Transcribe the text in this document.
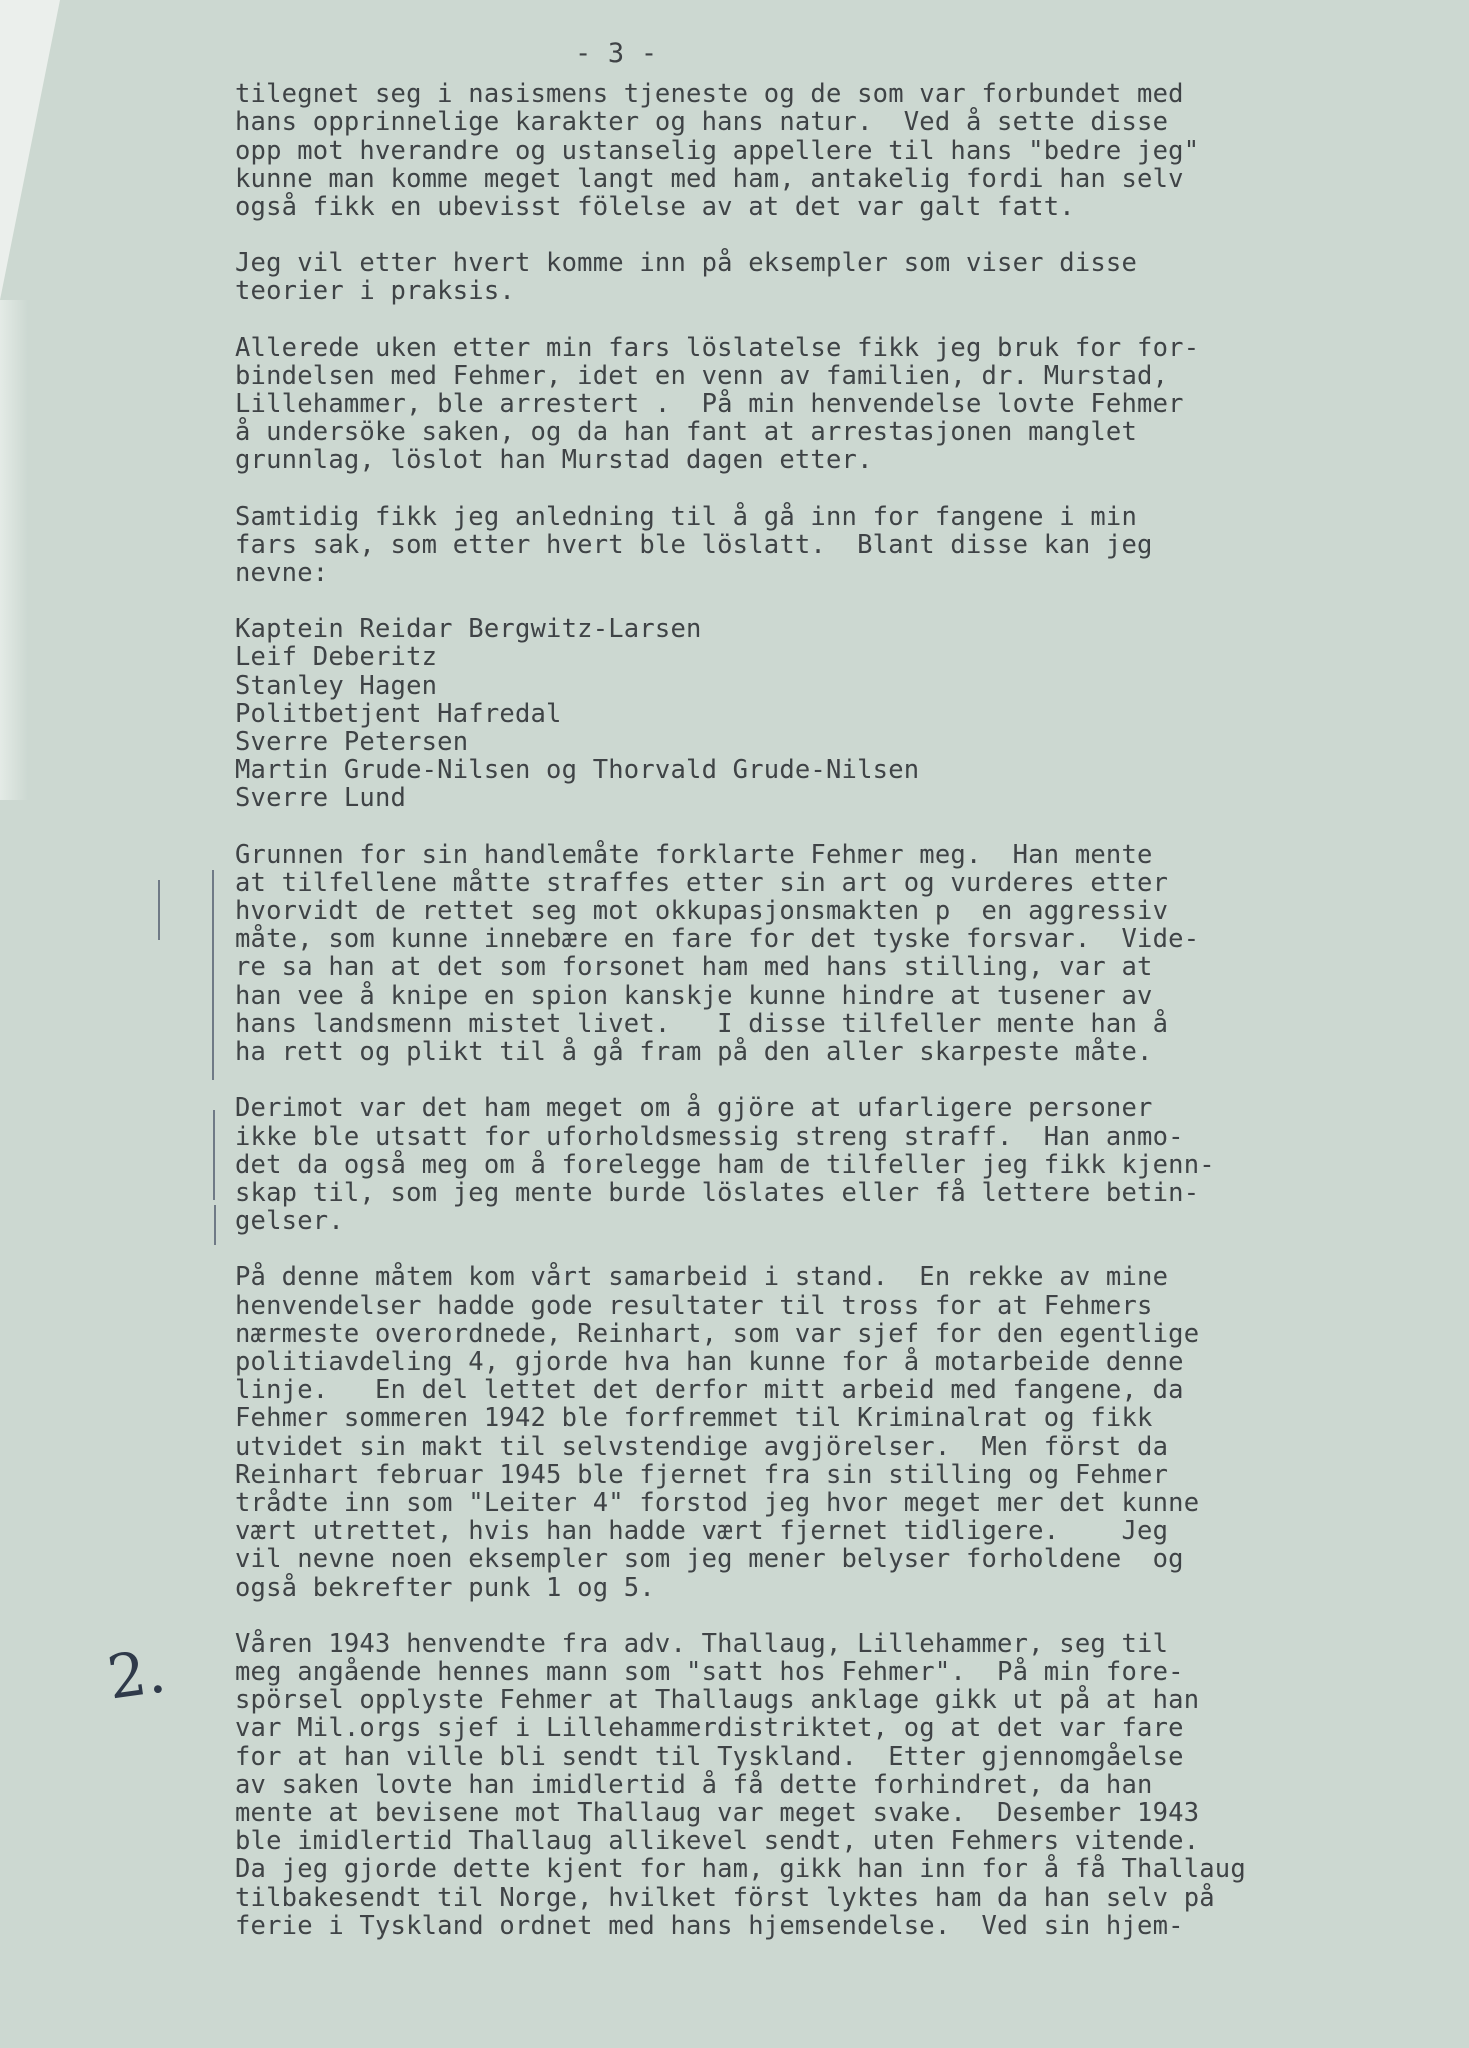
2.
- 3 -
tilegnet seg i nasismens tjeneste og de som var forbundet med
hans opprinnelige karakter og hans natur.  Ved å sette disse
opp mot hverandre og ustanselig appellere til hans "bedre jeg"
kunne man komme meget langt med ham, antakelig fordi han selv
også fikk en ubevisst fölelse av at det var galt fatt.
Jeg vil etter hvert komme inn på eksempler som viser disse
teorier i praksis.
Allerede uken etter min fars löslatelse fikk jeg bruk for for-
bindelsen med Fehmer, idet en venn av familien, dr. Murstad,
Lillehammer, ble arrestert .  På min henvendelse lovte Fehmer
å undersöke saken, og da han fant at arrestasjonen manglet
grunnlag, löslot han Murstad dagen etter.
Samtidig fikk jeg anledning til å gå inn for fangene i min
fars sak, som etter hvert ble löslatt.  Blant disse kan jeg
nevne:
Kaptein Reidar Bergwitz-Larsen
Leif Deberitz
Stanley Hagen
Politbetjent Hafredal
Sverre Petersen
Martin Grude-Nilsen og Thorvald Grude-Nilsen
Sverre Lund
Grunnen for sin handlemåte forklarte Fehmer meg.  Han mente
at tilfellene måtte straffes etter sin art og vurderes etter
hvorvidt de rettet seg mot okkupasjonsmakten p  en aggressiv
måte, som kunne innebære en fare for det tyske forsvar.  Vide-
re sa han at det som forsonet ham med hans stilling, var at
han vee å knipe en spion kanskje kunne hindre at tusener av
hans landsmenn mistet livet.   I disse tilfeller mente han å
ha rett og plikt til å gå fram på den aller skarpeste måte.
Derimot var det ham meget om å gjöre at ufarligere personer
ikke ble utsatt for uforholdsmessig streng straff.  Han anmo-
det da også meg om å forelegge ham de tilfeller jeg fikk kjenn-
skap til, som jeg mente burde löslates eller få lettere betin-
gelser.
På denne måtem kom vårt samarbeid i stand.  En rekke av mine
henvendelser hadde gode resultater til tross for at Fehmers
nærmeste overordnede, Reinhart, som var sjef for den egentlige
politiavdeling 4, gjorde hva han kunne for å motarbeide denne
linje.   En del lettet det derfor mitt arbeid med fangene, da
Fehmer sommeren 1942 ble forfremmet til Kriminalrat og fikk
utvidet sin makt til selvstendige avgjörelser.  Men först da
Reinhart februar 1945 ble fjernet fra sin stilling og Fehmer
trådte inn som "Leiter 4" forstod jeg hvor meget mer det kunne
vært utrettet, hvis han hadde vært fjernet tidligere.    Jeg
vil nevne noen eksempler som jeg mener belyser forholdene  og
også bekrefter punk 1 og 5.
Våren 1943 henvendte fra adv. Thallaug, Lillehammer, seg til
meg angående hennes mann som "satt hos Fehmer".  På min fore-
spörsel opplyste Fehmer at Thallaugs anklage gikk ut på at han
var Mil.orgs sjef i Lillehammerdistriktet, og at det var fare
for at han ville bli sendt til Tyskland.  Etter gjennomgåelse
av saken lovte han imidlertid å få dette forhindret, da han
mente at bevisene mot Thallaug var meget svake.  Desember 1943
ble imidlertid Thallaug allikevel sendt, uten Fehmers vitende.
Da jeg gjorde dette kjent for ham, gikk han inn for å få Thallaug
tilbakesendt til Norge, hvilket först lyktes ham da han selv på
ferie i Tyskland ordnet med hans hjemsendelse.  Ved sin hjem-
